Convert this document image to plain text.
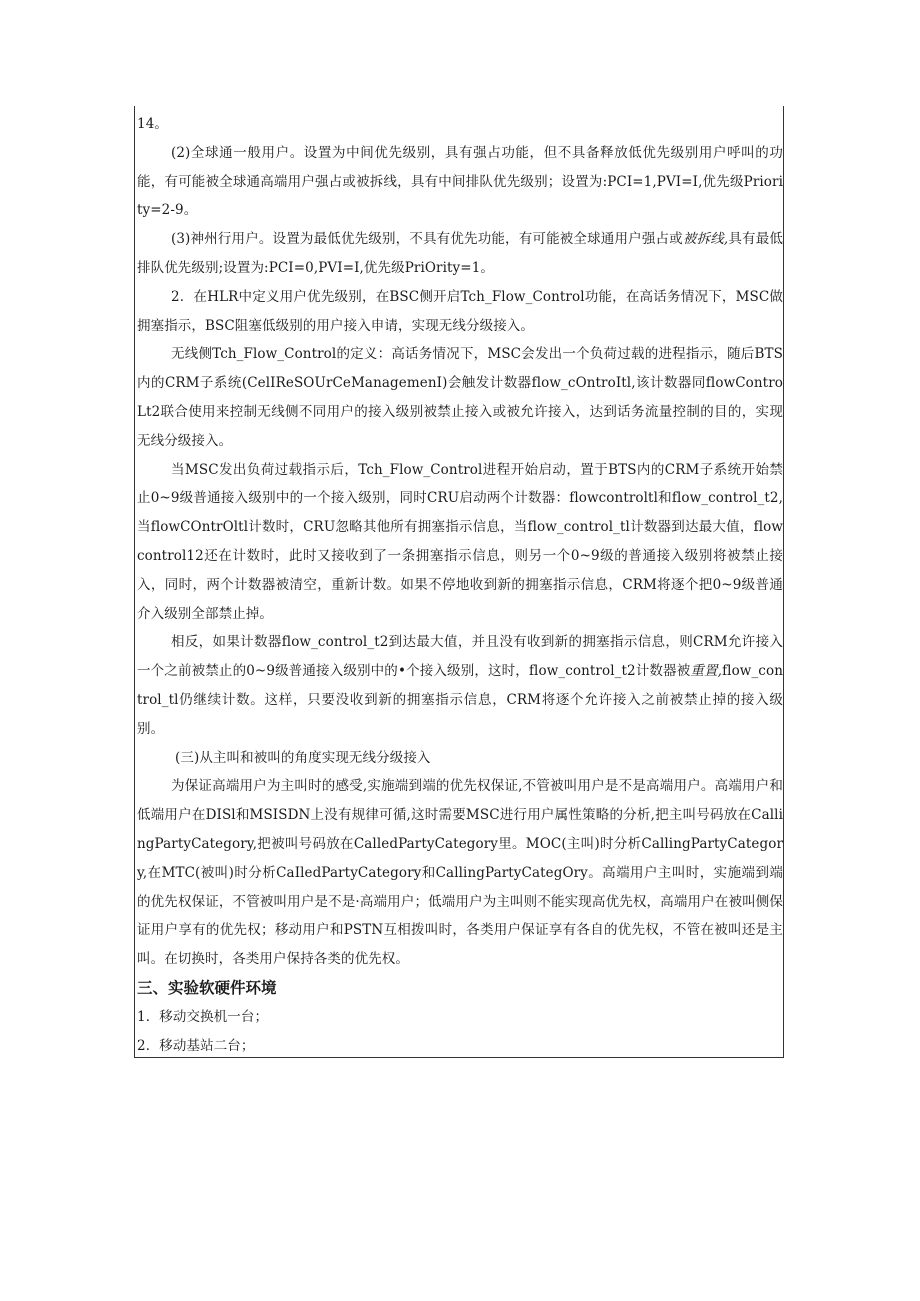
14。

(2)全球通一般用户。设置为中间优先级别，具有强占功能，但不具备释放低优先级别用户呼叫的功能，有可能被全球通高端用户强占或被拆线，具有中间排队优先级别；设置为:PCI=1,PVI=I,优先级Priority=2-9。

(3)神州行用户。设置为最低优先级别，不具有优先功能，有可能被全球通用户强占或被拆线,具有最低排队优先级别;设置为:PCI=0,PVI=I,优先级PriOrity=1。

2．在HLR中定义用户优先级别，在BSC侧开启Tch_Flow_Control功能，在高话务情况下，MSC做拥塞指示，BSC阻塞低级别的用户接入申请，实现无线分级接入。

无线侧Tch_Flow_Control的定义：高话务情况下，MSC会发出一个负荷过载的进程指示，随后BTS内的CRM子系统(CelIReSOUrCeManagemenI)会触发计数器flow_cOntroItl,该计数器同flowControLt2联合使用来控制无线侧不同用户的接入级别被禁止接入或被允许接入，达到话务流量控制的目的，实现无线分级接入。

当MSC发出负荷过载指示后，Tch_Flow_Control进程开始启动，置于BTS内的CRM子系统开始禁止0~9级普通接入级别中的一个接入级别，同时CRU启动两个计数器：flowcontroltl和flow_control_t2,当flowCOntrOltl计数时，CRU忽略其他所有拥塞指示信息，当flow_control_tl计数器到达最大值，flowcontrol12还在计数时，此时又接收到了一条拥塞指示信息，则另一个0~9级的普通接入级别将被禁止接入，同时，两个计数器被清空，重新计数。如果不停地收到新的拥塞指示信息，CRM将逐个把0~9级普通介入级别全部禁止掉。

相反，如果计数器flow_control_t2到达最大值，并且没有收到新的拥塞指示信息，则CRM允许接入一个之前被禁止的0~9级普通接入级别中的•个接入级别，这时，flow_control_t2计数器被重置,flow_control_tl仍继续计数。这样，只要没收到新的拥塞指示信息，CRM将逐个允许接入之前被禁止掉的接入级别。

(三)从主叫和被叫的角度实现无线分级接入

为保证高端用户为主叫时的感受,实施端到端的优先权保证,不管被叫用户是不是高端用户。高端用户和低端用户在DISl和MSISDN上没有规律可循,这时需要MSC进行用户属性策略的分析,把主叫号码放在CallingPartyCategory,把被叫号码放在CalledPartyCategory里。MOC(主叫)时分析CallingPartyCategory,在MTC(被叫)时分析CaIledPartyCategory和CallingPartyCategOry。高端用户主叫时，实施端到端的优先权保证，不管被叫用户是不是·高端用户；低端用户为主叫则不能实现高优先权，高端用户在被叫侧保证用户享有的优先权；移动用户和PSTN互相拨叫时，各类用户保证享有各自的优先权，不管在被叫还是主叫。在切换时，各类用户保持各类的优先权。

三、实验软硬件环境

1．移动交换机一台；

2．移动基站二台；
